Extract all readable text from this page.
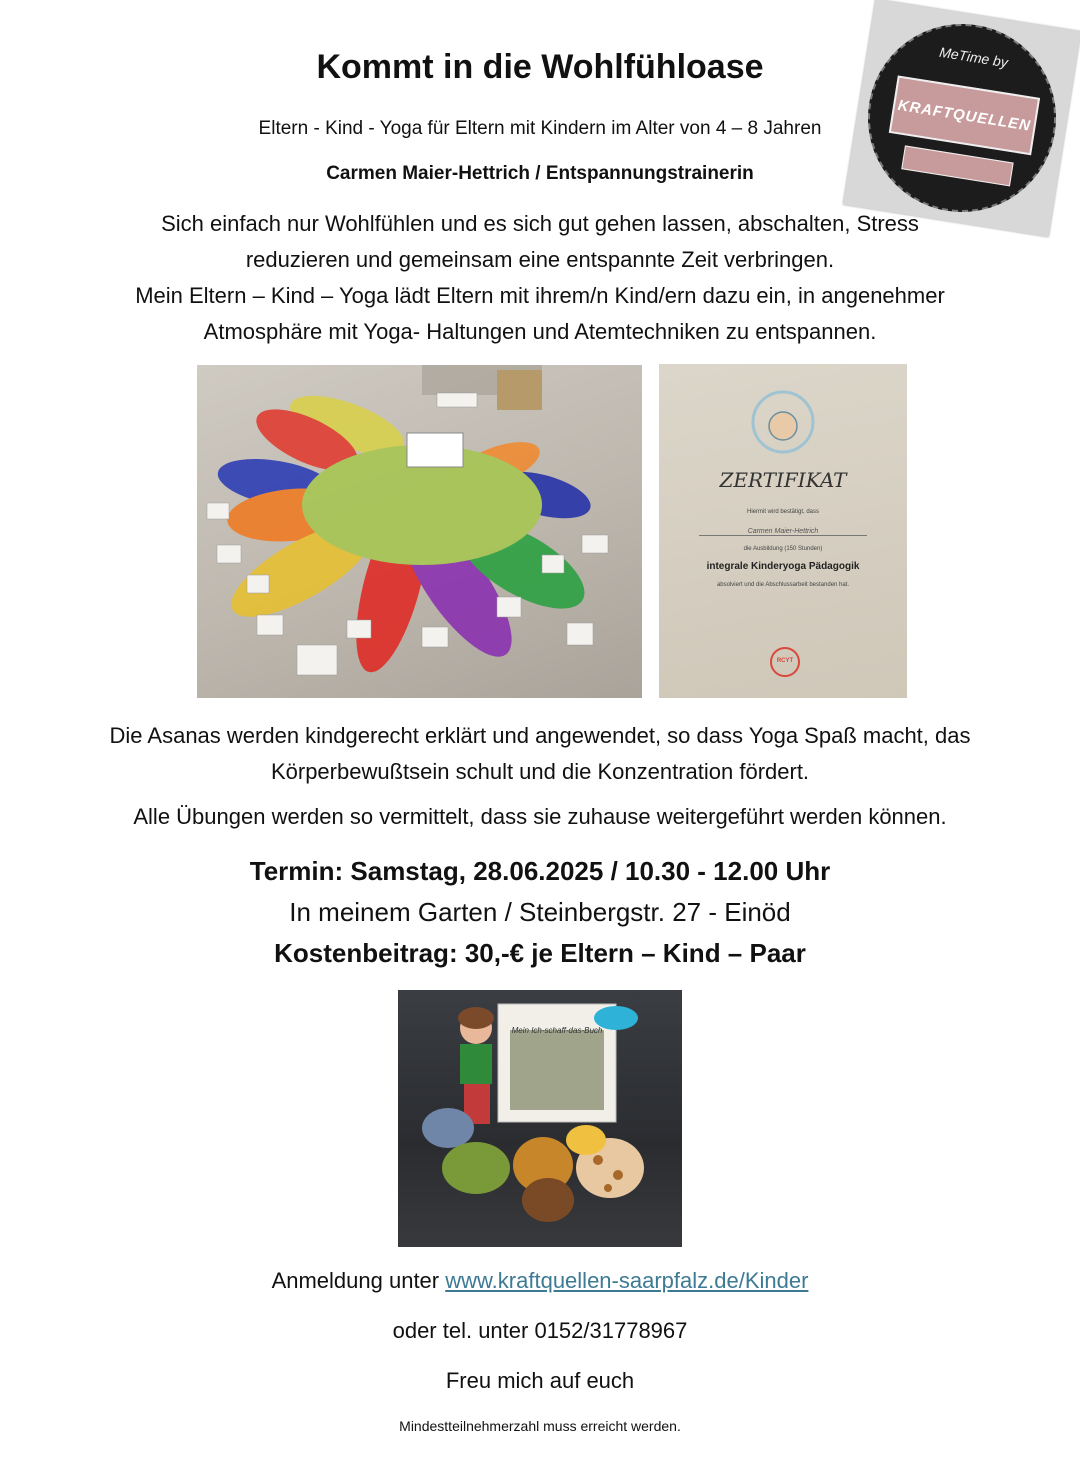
Kommt in die Wohlfühloase
Eltern - Kind - Yoga für Eltern mit Kindern im Alter von 4 – 8 Jahren
Carmen Maier-Hettrich / Entspannungstrainerin
MeTime by
KRAFTQUELLEN

Sich einfach nur Wohlfühlen und es sich gut gehen lassen, abschalten, Stress

reduzieren und gemeinsam eine entspannte Zeit verbringen.

Mein Eltern – Kind – Yoga lädt Eltern mit ihrem/n Kind/ern dazu ein, in angenehmer

Atmosphäre mit Yoga- Haltungen und Atemtechniken zu entspannen.

ZERTIFIKAT
Hiermit wird bestätigt, dass
Carmen Maier-Hettrich
die Ausbildung (150 Stunden)
integrale Kinderyoga Pädagogik
absolviert und die Abschlussarbeit bestanden hat.
RCYT

Die Asanas werden kindgerecht erklärt und angewendet, so dass Yoga Spaß macht, das

Körperbewußtsein schult und die Konzentration fördert.

Alle Übungen werden so vermittelt, dass sie zuhause weitergeführt werden können.
Termin: Samstag, 28.06.2025 / 10.30 - 12.00 Uhr
In meinem Garten / Steinbergstr. 27 - Einöd
Kostenbeitrag: 30,-€ je Eltern – Kind – Paar
Mein Ich-schaff-das-Buch
Anmeldung unter www.kraftquellen-saarpfalz.de/Kinder
oder tel. unter 0152/31778967
Freu mich auf euch
Mindestteilnehmerzahl muss erreicht werden.
